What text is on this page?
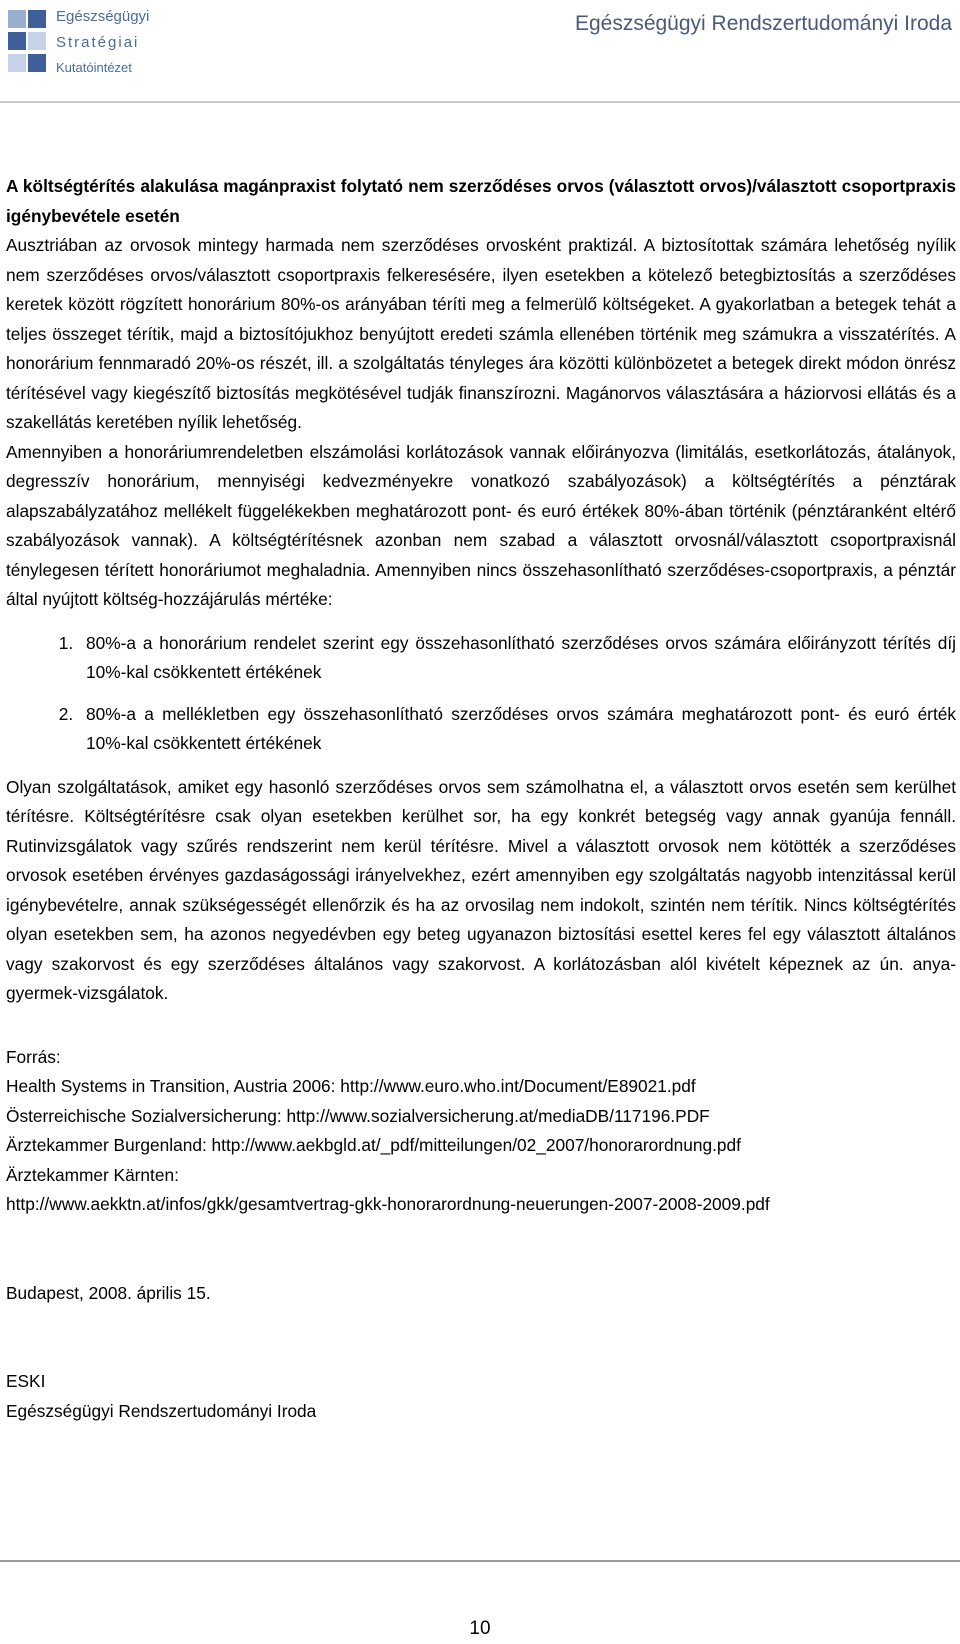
Egészségügyi
Stratégiai
Kutatóintézet
Egészségügyi Rendszertudományi Iroda

A költségtérítés alakulása magánpraxist folytató nem szerződéses orvos (választott orvos)/választott csoportpraxis igénybevétele esetén

Ausztriában az orvosok mintegy harmada nem szerződéses orvosként praktizál. A biztosítottak számára lehetőség nyílik nem szerződéses orvos/választott csoportpraxis felkeresésére, ilyen esetekben a kötelező betegbiztosítás a szerződéses keretek között rögzített honorárium 80%-os arányában téríti meg a felmerülő költségeket. A gyakorlatban a betegek tehát a teljes összeget térítik, majd a biztosítójukhoz benyújtott eredeti számla ellenében történik meg számukra a visszatérítés. A honorárium fennmaradó 20%-os részét, ill. a szolgáltatás tényleges ára közötti különbözetet a betegek direkt módon önrész térítésével vagy kiegészítő biztosítás megkötésével tudják finanszírozni. Magánorvos választására a háziorvosi ellátás és a szakellátás keretében nyílik lehetőség.

Amennyiben a honoráriumrendeletben elszámolási korlátozások vannak előirányozva (limitálás, esetkorlátozás, átalányok, degresszív honorárium, mennyiségi kedvezményekre vonatkozó szabályozások) a költségtérítés a pénztárak alapszabályzatához mellékelt függelékekben meghatározott pont- és euró értékek 80%-ában történik (pénztáranként eltérő szabályozások vannak). A költségtérítésnek azonban nem szabad a választott orvosnál/választott csoportpraxisnál ténylegesen térített honoráriumot meghaladnia. Amennyiben nincs összehasonlítható szerződéses-csoportpraxis, a pénztár által nyújtott költség-hozzájárulás mértéke:

1. 80%-a a honorárium rendelet szerint egy összehasonlítható szerződéses orvos számára előirányzott térítés díj 10%-kal csökkentett értékének
2. 80%-a a mellékletben egy összehasonlítható szerződéses orvos számára meghatározott pont- és euró érték 10%-kal csökkentett értékének

Olyan szolgáltatások, amiket egy hasonló szerződéses orvos sem számolhatna el, a választott orvos esetén sem kerülhet térítésre. Költségtérítésre csak olyan esetekben kerülhet sor, ha egy konkrét betegség vagy annak gyanúja fennáll. Rutinvizsgálatok vagy szűrés rendszerint nem kerül térítésre. Mivel a választott orvosok nem kötötték a szerződéses orvosok esetében érvényes gazdaságossági irányelvekhez, ezért amennyiben egy szolgáltatás nagyobb intenzitással kerül igénybevételre, annak szükségességét ellenőrzik és ha az orvosilag nem indokolt, szintén nem térítik. Nincs költségtérítés olyan esetekben sem, ha azonos negyedévben egy beteg ugyanazon biztosítási esettel keres fel egy választott általános vagy szakorvost és egy szerződéses általános vagy szakorvost. A korlátozásban alól kivételt képeznek az ún. anya-gyermek-vizsgálatok.

Forrás:

Health Systems in Transition, Austria 2006: http://www.euro.who.int/Document/E89021.pdf

Österreichische Sozialversicherung: http://www.sozialversicherung.at/mediaDB/117196.PDF

Ärztekammer Burgenland: http://www.aekbgld.at/_pdf/mitteilungen/02_2007/honorarordnung.pdf

Ärztekammer Kärnten:

http://www.aekktn.at/infos/gkk/gesamtvertrag-gkk-honorarordnung-neuerungen-2007-2008-2009.pdf

Budapest, 2008. április 15.

ESKI

Egészségügyi Rendszertudományi Iroda

10
